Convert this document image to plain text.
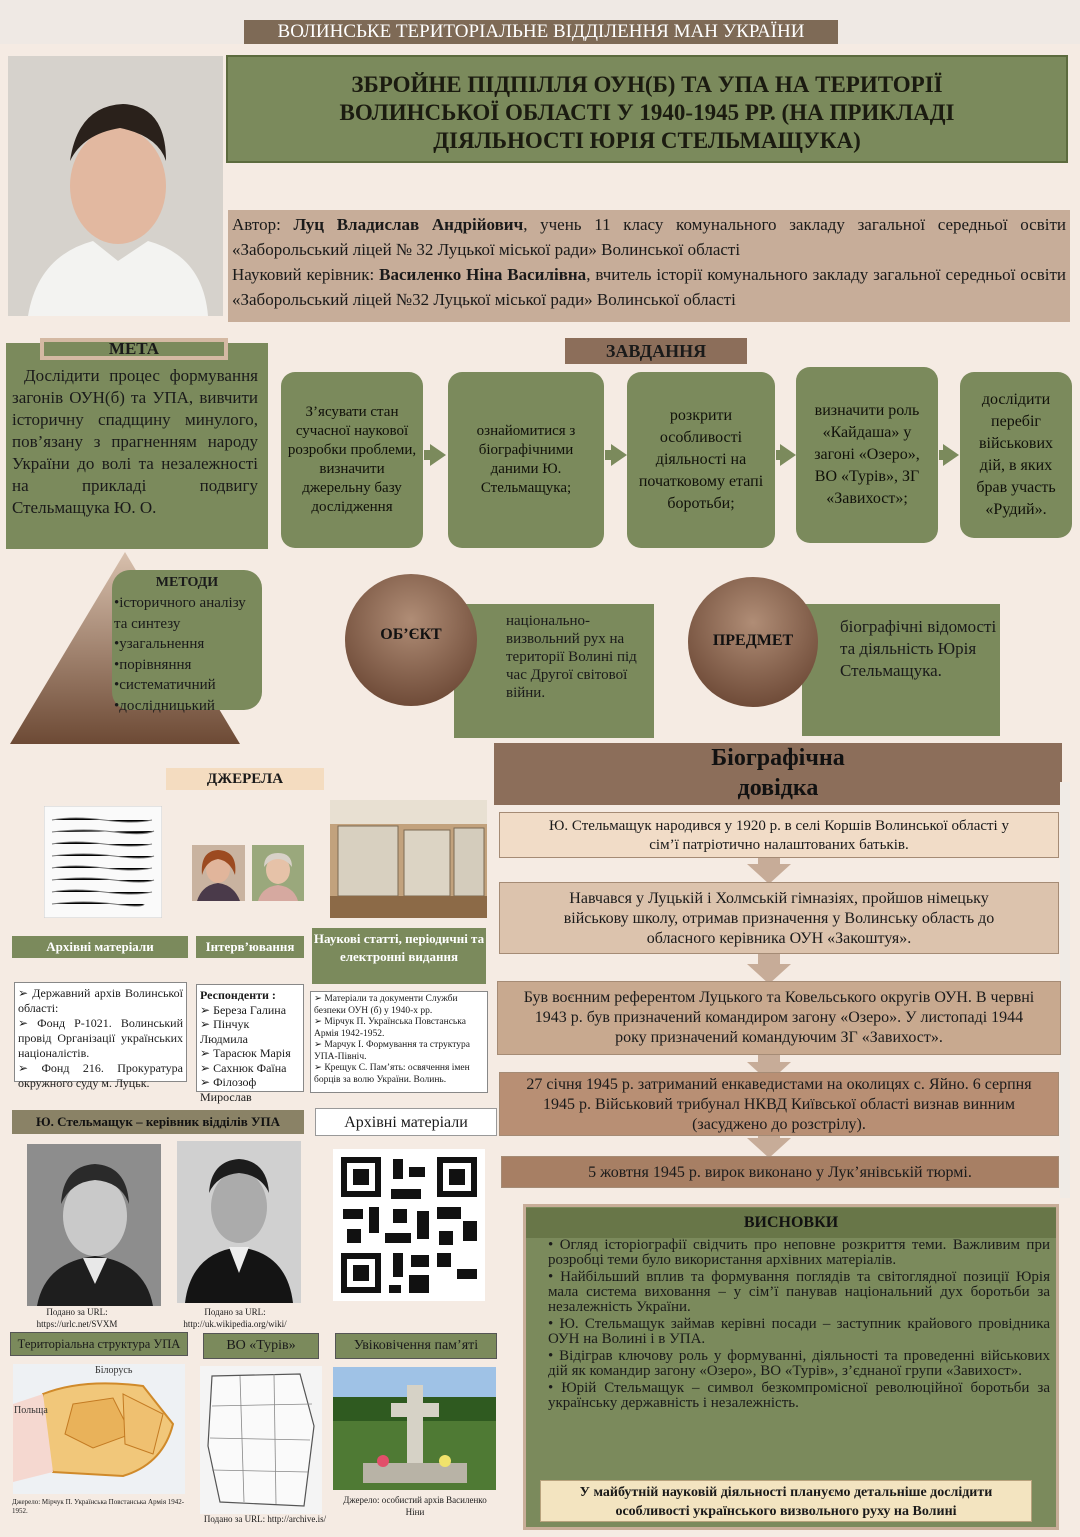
ВОЛИНСЬКЕ ТЕРИТОРІАЛЬНЕ ВІДДІЛЕННЯ МАН УКРАЇНИ
ЗБРОЙНЕ ПІДПІЛЛЯ ОУН(Б) ТА УПА НА ТЕРИТОРІЇ ВОЛИНСЬКОЇ ОБЛАСТІ У 1940-1945 РР. (НА ПРИКЛАДІ ДІЯЛЬНОСТІ ЮРІЯ СТЕЛЬМАЩУКА)
Автор: Луц Владислав Андрійович, учень 11 класу комунального закладу загальної середньої освіти «Заборольський ліцей № 32 Луцької міської ради» Волинської області
Науковий керівник: Василенко Ніна Василівна, вчитель історії комунального закладу загальної середньої освіти «Заборольський ліцей №32 Луцької міської ради» Волинської області
МЕТА
Дослідити процес формування загонів ОУН(б) та УПА, вивчити історичну спадщину минулого, пов’язану з прагненням народу України до волі та незалежності на прикладі подвигу Стельмащука Ю. О.
ЗАВДАННЯ
З’ясувати стан сучасної наукової розробки проблеми, визначити джерельну базу дослідження
ознайомитися з біографічними даними Ю. Стельмащука;
розкрити особливості діяльності на початковому етапі боротьби;
визначити роль «Кайдаша» у загоні «Озеро», ВО «Турів», ЗГ «Завихост»;
дослідити перебіг військових дій, в яких брав участь «Рудий».
МЕТОДИ
•історичного аналізу та синтезу
•узагальнення
•порівняння
•систематичний
•дослідницький
ОБ’ЄКТ
національно-визвольний рух на території Волині під час Другої світової війни.
ПРЕДМЕТ
біографічні відомості та діяльність Юрія Стельмащука.
ДЖЕРЕЛА
Архівні матеріали	Інтерв’ювання
Наукові статті, періодичні та електронні видання
➢ Державний архів Волинської області:
➢ Фонд Р-1021. Волинський провід Організації українських націоналістів.
➢ Фонд 216. Прокуратура окружного суду м. Луцьк.
Респонденти :
➢ Береза Галина
➢ Пінчук Людмила
➢ Тарасюк Марія
➢ Сахнюк Фаїна
➢ Філозоф Мирослав
➢ Матеріали та документи Служби безпеки ОУН (б) у 1940-х рр.
➢ Мірчук П. Українська Повстанська Армія 1942-1952.
➢ Марчук І. Формування та структура УПА-Північ.
➢ Крещук С. Пам’ять: освячення імен борців за волю України. Волинь.
Ю. Стельмащук – керівник відділів УПА	Архівні матеріали
Подано за URL: https://urlc.net/SVXM
Подано за URL: http://uk.wikipedia.org/wiki/
Територіальна структура УПА	ВО «Турів»	Увіковічення пам’яті
Білорусь
Польща
Джерело: Мірчук П. Українська Повстанська Армія 1942-1952.
Подано за URL: http://archive.is/
Джерело: особистий архів Василенко Ніни
Біографічна
довідка
Ю. Стельмащук народився у 1920 р. в селі Коршів Волинської області у сім’ї патріотично налаштованих батьків.
Навчався у Луцькій і Холмській гімназіях, пройшов німецьку військову школу, отримав призначення у Волинську область до обласного керівника ОУН «Закоштуя».
Був воєнним референтом Луцького та Ковельського округів ОУН. В червні 1943 р. був призначений командиром загону «Озеро». У листопаді 1944 року призначений командуючим ЗГ «Завихост».
27 січня 1945 р. затриманий енкаведистами на околицях с. Яйно. 6 серпня 1945 р. Військовий трибунал НКВД Київської області визнав винним (засуджено до розстрілу).
5 жовтня 1945 р. вирок виконано у Лук’янівській тюрмі.
ВИСНОВКИ
• Огляд історіографії свідчить про неповне розкриття теми. Важливим при розробці теми було використання архівних матеріалів.
• Найбільший вплив та формування поглядів та світоглядної позиції Юрія мала система виховання – у сім’ї панував національний дух боротьби за незалежність України.
• Ю. Стельмащук займав керівні посади – заступник крайового провідника ОУН на Волині і в УПА.
• Відіграв ключову роль у формуванні, діяльності та проведенні військових дій як командир загону «Озеро», ВО «Турів», з’єднаної групи «Завихост».
• Юрій Стельмащук – символ безкомпромісної революційної боротьби за українську державність і незалежність.
У майбутній науковій діяльності плануємо детальніше дослідити особливості українського визвольного руху на Волині
